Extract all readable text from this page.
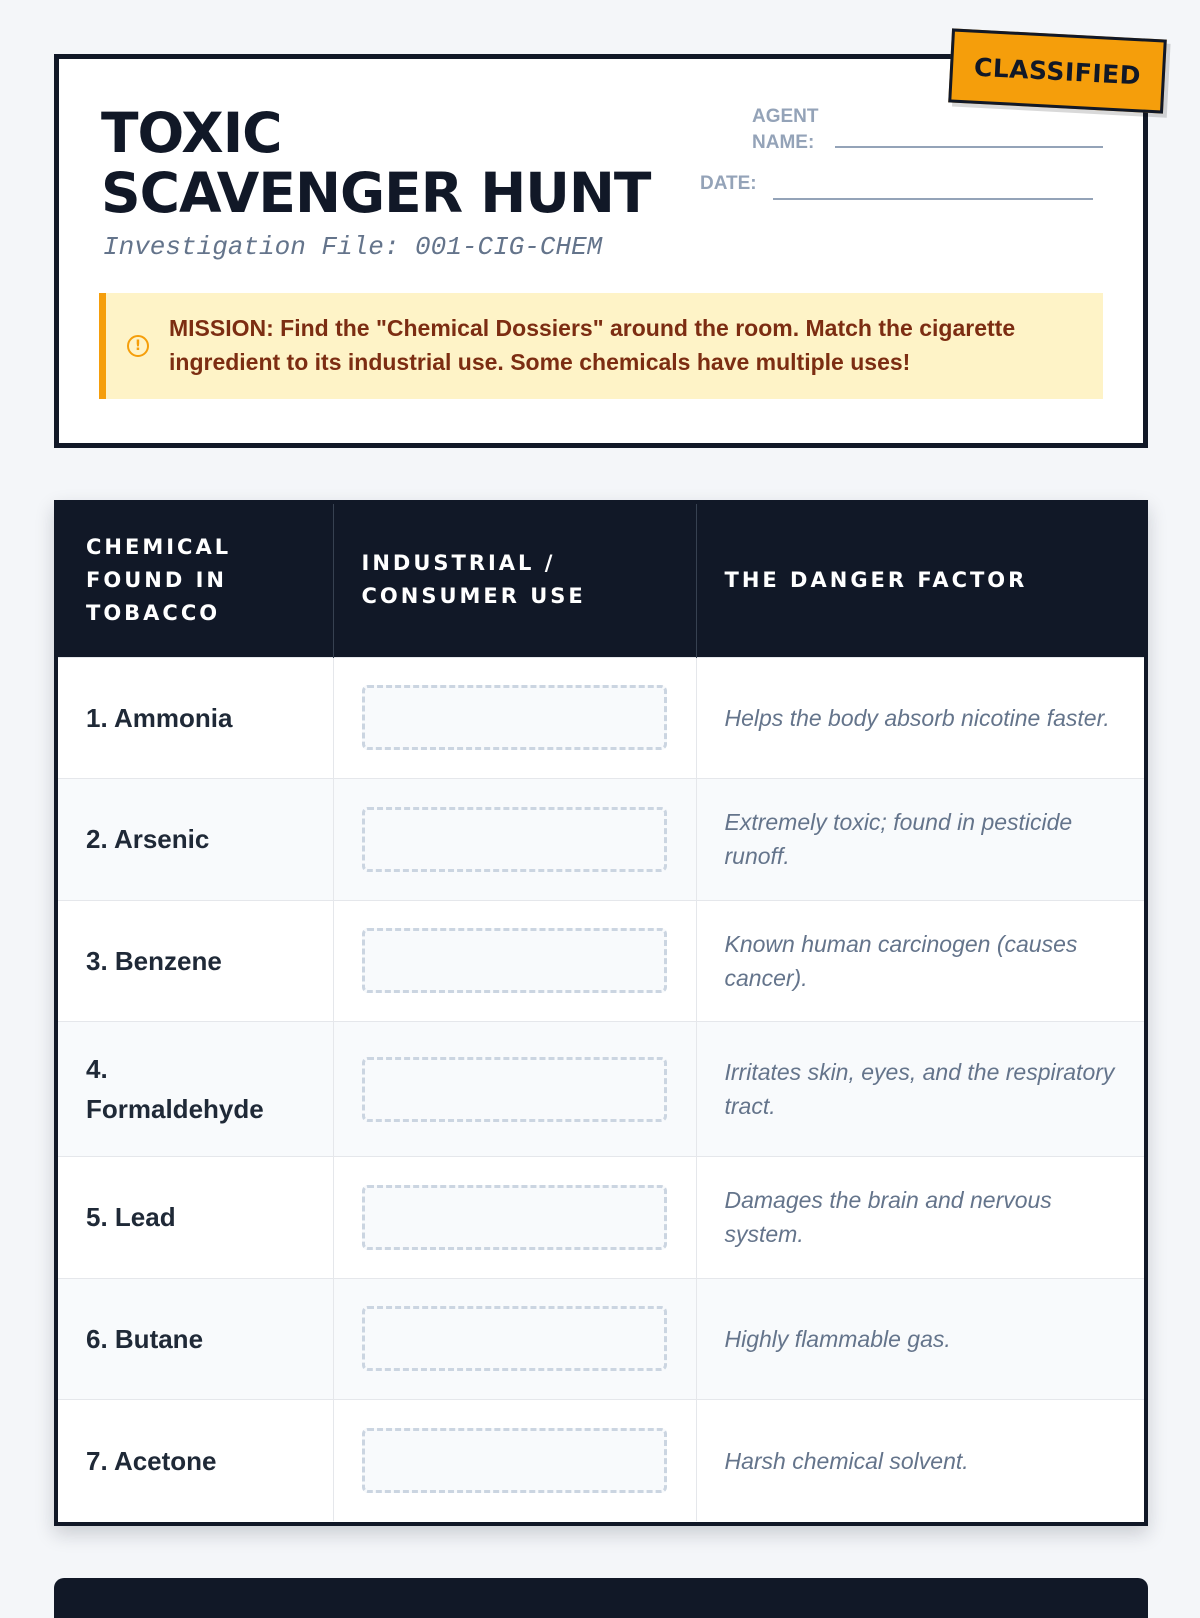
TOXIC
SCAVENGER HUNT
Investigation File: 001-CIG-CHEM
AGENT
NAME:
DATE:
!
MISSION: Find the "Chemical Dossiers" around the room. Match the cigarette ingredient to its industrial use. Some chemicals have multiple uses!
CLASSIFIED
CHEMICAL FOUND IN TOBACCO	INDUSTRIAL / CONSUMER USE	THE DANGER FACTOR

1. Ammonia		Helps the body absorb nicotine faster.

2. Arsenic		Extremely toxic; found in pesticide runoff.

3. Benzene		Known human carcinogen (causes cancer).

4. Formaldehyde		Irritates skin, eyes, and the respiratory tract.

5. Lead		Damages the brain and nervous system.

6. Butane		Highly flammable gas.

7. Acetone		Harsh chemical solvent.
